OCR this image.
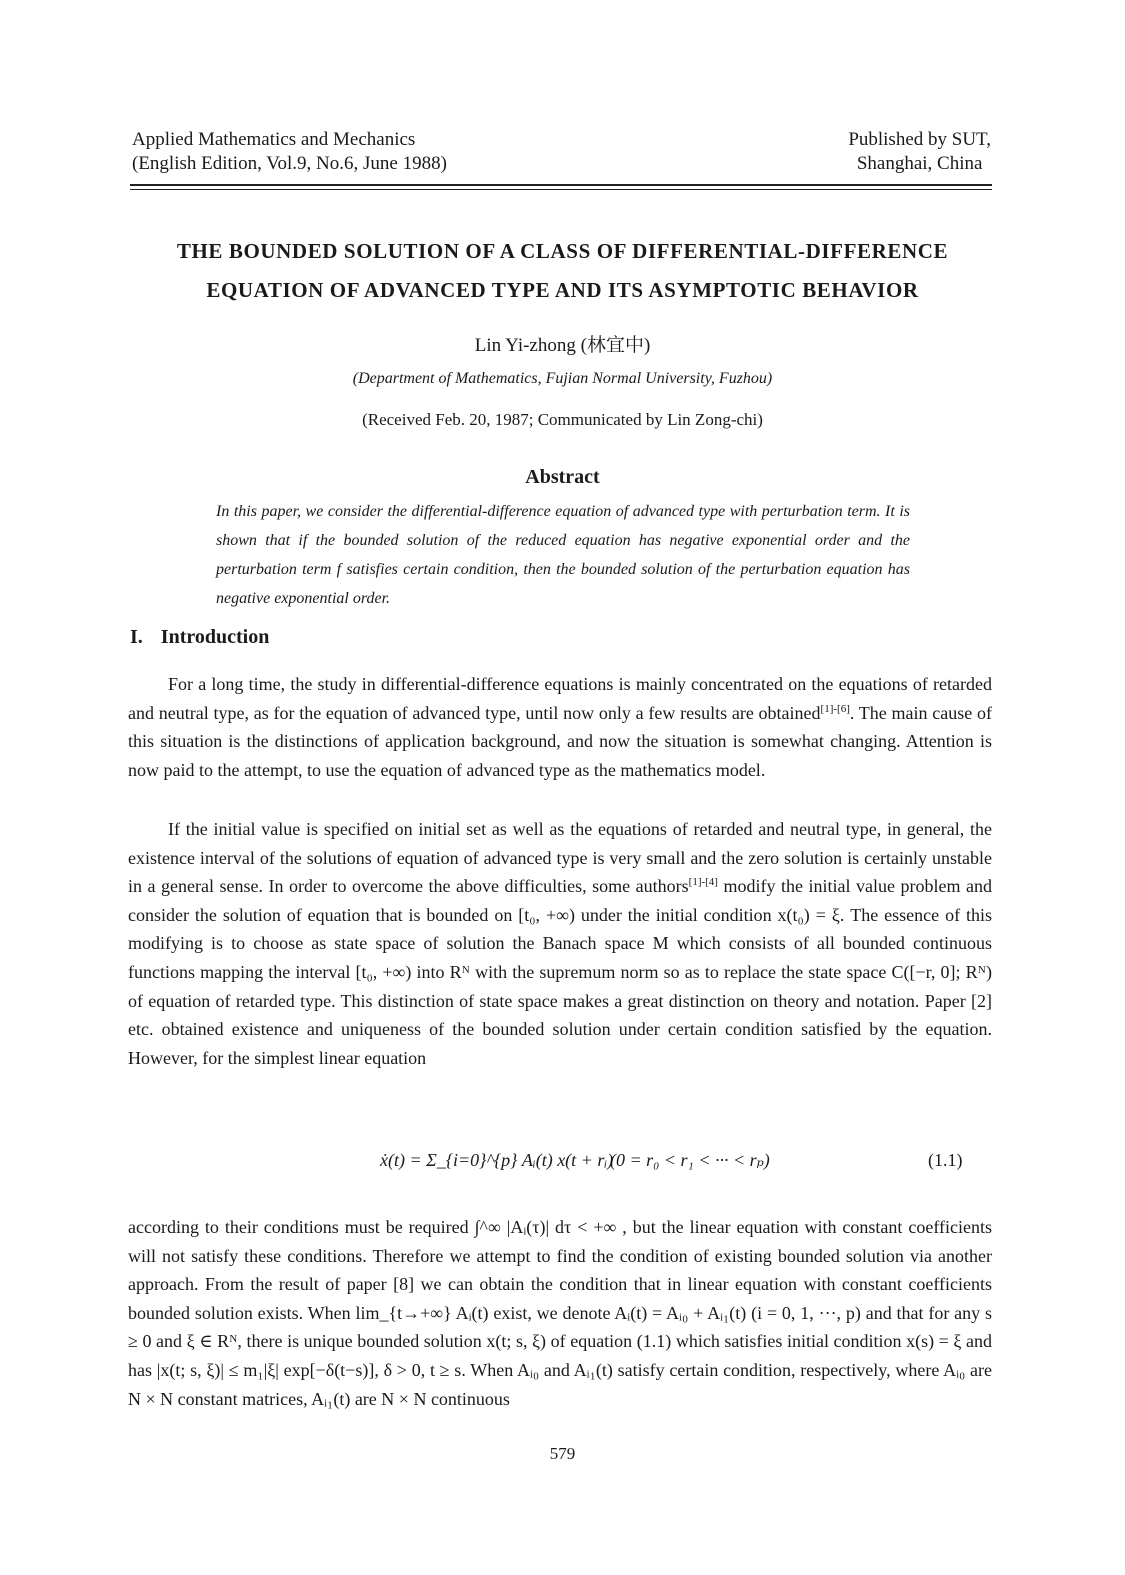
Applied Mathematics and Mechanics
(English Edition, Vol.9, No.6, June 1988)
Published by SUT,
Shanghai, China
THE BOUNDED SOLUTION OF A CLASS OF DIFFERENTIAL-DIFFERENCE
EQUATION OF ADVANCED TYPE AND ITS ASYMPTOTIC BEHAVIOR
Lin Yi-zhong (林宜中)
(Department of Mathematics, Fujian Normal University, Fuzhou)
(Received Feb. 20, 1987; Communicated by Lin Zong-chi)
Abstract
In this paper, we consider the differential-difference equation of advanced type with perturbation term. It is shown that if the bounded solution of the reduced equation has negative exponential order and the perturbation term f satisfies certain condition, then the bounded solution of the perturbation equation has negative exponential order.
I. Introduction
For a long time, the study in differential-difference equations is mainly concentrated on the equations of retarded and neutral type, as for the equation of advanced type, until now only a few results are obtained[1]-[6]. The main cause of this situation is the distinctions of application background, and now the situation is somewhat changing. Attention is now paid to the attempt, to use the equation of advanced type as the mathematics model.
If the initial value is specified on initial set as well as the equations of retarded and neutral type, in general, the existence interval of the solutions of equation of advanced type is very small and the zero solution is certainly unstable in a general sense. In order to overcome the above difficulties, some authors[1]-[4] modify the initial value problem and consider the solution of equation that is bounded on [t₀, +∞) under the initial condition x(t₀) = ξ. The essence of this modifying is to choose as state space of solution the Banach space M which consists of all bounded continuous functions mapping the interval [t₀, +∞) into Rᴺ with the supremum norm so as to replace the state space C([−r, 0]; Rᴺ) of equation of retarded type. This distinction of state space makes a great distinction on theory and notation. Paper [2] etc. obtained existence and uniqueness of the bounded solution under certain condition satisfied by the equation. However, for the simplest linear equation
ẋ(t) = Σ_{i=0}^{p} Aᵢ(t) x(t + rᵢ)
(0 = r₀ < r₁ < ··· < rₚ)	(1.1)
according to their conditions must be required ∫^∞ |Aᵢ(τ)| dτ < +∞ , but the linear equation with constant coefficients will not satisfy these conditions. Therefore we attempt to find the condition of existing bounded solution via another approach. From the result of paper [8] we can obtain the condition that in linear equation with constant coefficients bounded solution exists. When lim_{t→+∞} Aᵢ(t) exist, we denote Aᵢ(t) = Aᵢ₀ + Aᵢ₁(t) (i = 0, 1, ···, p) and that for any s ≥ 0 and ξ ∈ Rᴺ, there is unique bounded solution x(t; s, ξ) of equation (1.1) which satisfies initial condition x(s) = ξ and has |x(t; s, ξ)| ≤ m₁|ξ| exp[−δ(t−s)], δ > 0, t ≥ s. When Aᵢ₀ and Aᵢ₁(t) satisfy certain condition, respectively, where Aᵢ₀ are N × N constant matrices, Aᵢ₁(t) are N × N continuous
579
